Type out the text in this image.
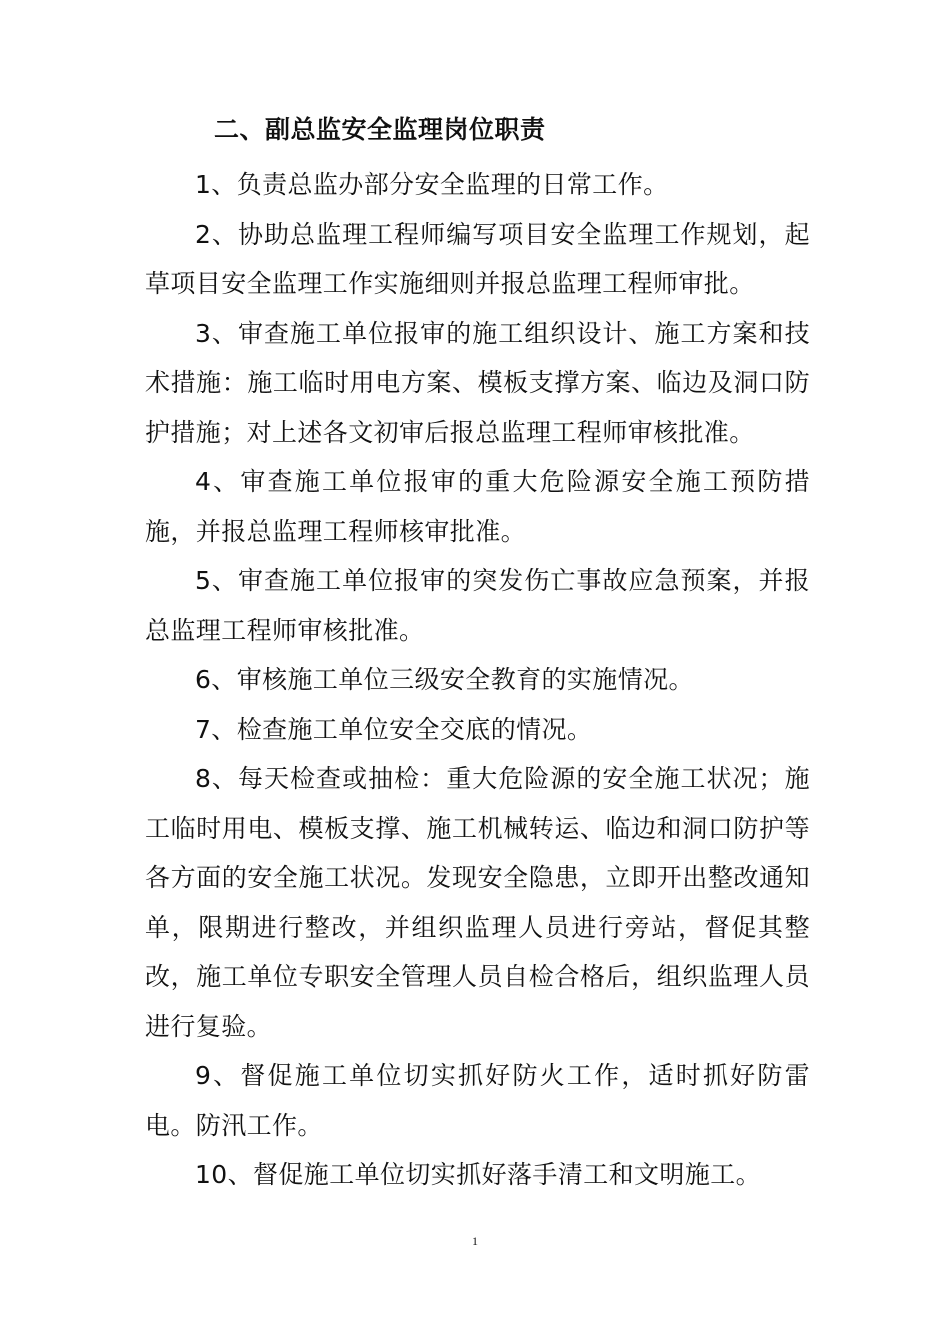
二、副总监安全监理岗位职责

1、负责总监办部分安全监理的日常工作。

2、协助总监理工程师编写项目安全监理工作规划，起草项目安全监理工作实施细则并报总监理工程师审批。

3、审查施工单位报审的施工组织设计、施工方案和技术措施：施工临时用电方案、模板支撑方案、临边及洞口防护措施；对上述各文初审后报总监理工程师审核批准。

4、审查施工单位报审的重大危险源安全施工预防措施，并报总监理工程师核审批准。

5、审查施工单位报审的突发伤亡事故应急预案，并报总监理工程师审核批准。

6、审核施工单位三级安全教育的实施情况。

7、检查施工单位安全交底的情况。

8、每天检查或抽检：重大危险源的安全施工状况；施工临时用电、模板支撑、施工机械转运、临边和洞口防护等各方面的安全施工状况。发现安全隐患，立即开出整改通知单，限期进行整改，并组织监理人员进行旁站，督促其整改，施工单位专职安全管理人员自检合格后，组织监理人员进行复验。

9、督促施工单位切实抓好防火工作，适时抓好防雷电。防汛工作。

10、督促施工单位切实抓好落手清工和文明施工。

1
